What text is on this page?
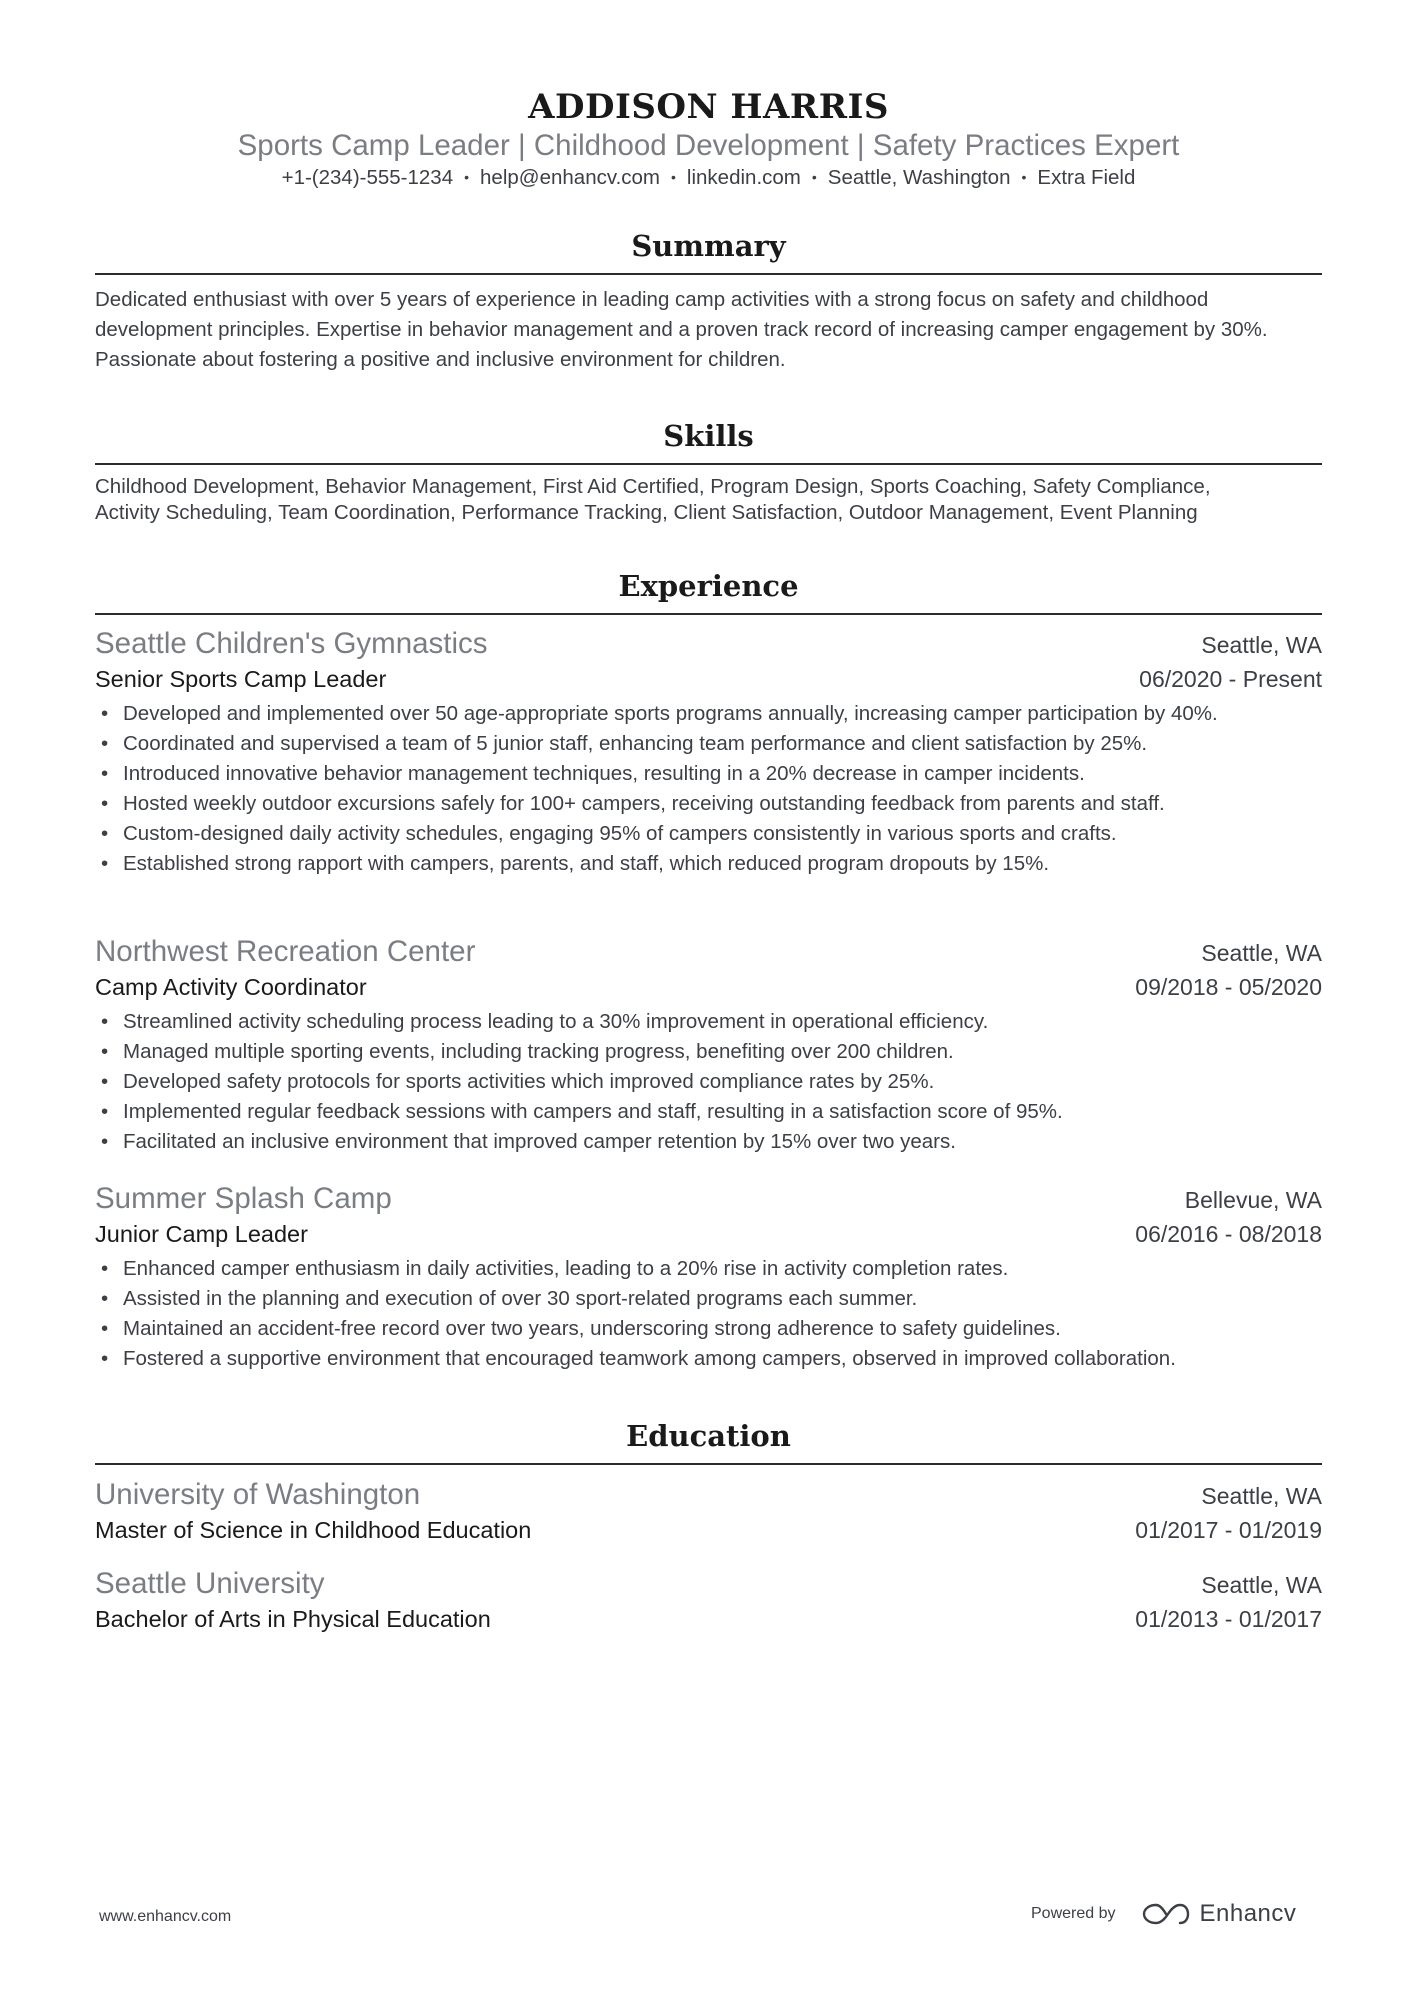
ADDISON HARRIS
Sports Camp Leader | Childhood Development | Safety Practices Expert
+1-(234)-555-1234 • help@enhancv.com • linkedin.com • Seattle, Washington • Extra Field
Summary
Dedicated enthusiast with over 5 years of experience in leading camp activities with a strong focus on safety and childhood development principles. Expertise in behavior management and a proven track record of increasing camper engagement by 30%. Passionate about fostering a positive and inclusive environment for children.
Skills
Childhood Development, Behavior Management, First Aid Certified, Program Design, Sports Coaching, Safety Compliance,
Activity Scheduling, Team Coordination, Performance Tracking, Client Satisfaction, Outdoor Management, Event Planning
Experience
Seattle Children's Gymnastics	Seattle, WA
Senior Sports Camp Leader	06/2020 - Present
• Developed and implemented over 50 age-appropriate sports programs annually, increasing camper participation by 40%.
• Coordinated and supervised a team of 5 junior staff, enhancing team performance and client satisfaction by 25%.
• Introduced innovative behavior management techniques, resulting in a 20% decrease in camper incidents.
• Hosted weekly outdoor excursions safely for 100+ campers, receiving outstanding feedback from parents and staff.
• Custom-designed daily activity schedules, engaging 95% of campers consistently in various sports and crafts.
• Established strong rapport with campers, parents, and staff, which reduced program dropouts by 15%.
Northwest Recreation Center	Seattle, WA
Camp Activity Coordinator	09/2018 - 05/2020
• Streamlined activity scheduling process leading to a 30% improvement in operational efficiency.
• Managed multiple sporting events, including tracking progress, benefiting over 200 children.
• Developed safety protocols for sports activities which improved compliance rates by 25%.
• Implemented regular feedback sessions with campers and staff, resulting in a satisfaction score of 95%.
• Facilitated an inclusive environment that improved camper retention by 15% over two years.
Summer Splash Camp	Bellevue, WA
Junior Camp Leader	06/2016 - 08/2018
• Enhanced camper enthusiasm in daily activities, leading to a 20% rise in activity completion rates.
• Assisted in the planning and execution of over 30 sport-related programs each summer.
• Maintained an accident-free record over two years, underscoring strong adherence to safety guidelines.
• Fostered a supportive environment that encouraged teamwork among campers, observed in improved collaboration.
Education
University of Washington	Seattle, WA
Master of Science in Childhood Education	01/2017 - 01/2019
Seattle University	Seattle, WA
Bachelor of Arts in Physical Education	01/2013 - 01/2017
www.enhancv.com	Powered by	Enhancv
